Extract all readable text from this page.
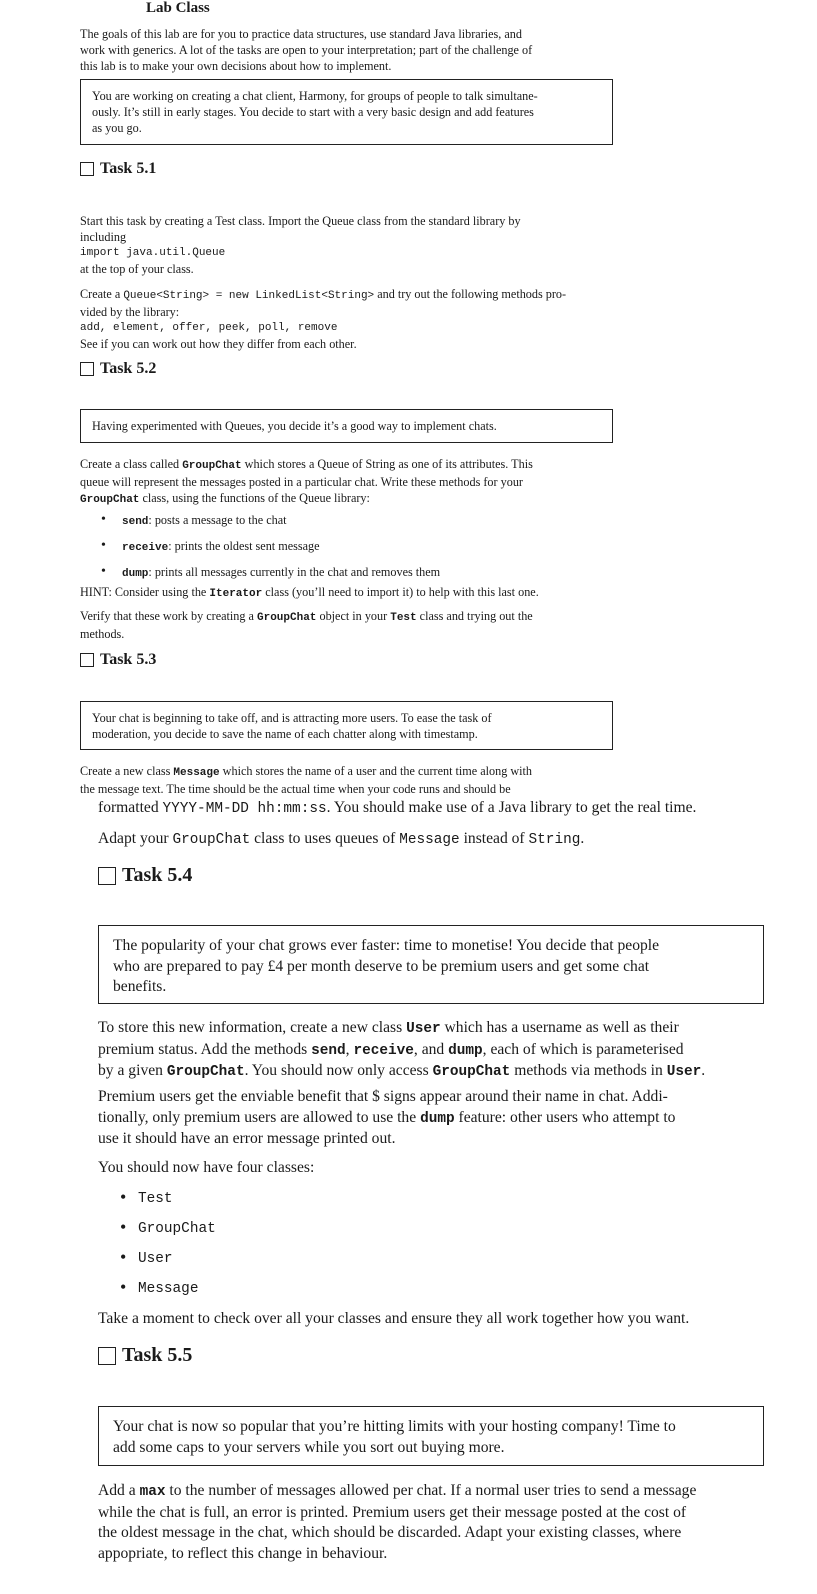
Lab Class

The goals of this lab are for you to practice data structures, use standard Java libraries, and

work with generics. A lot of the tasks are open to your interpretation; part of the challenge of

this lab is to make your own decisions about how to implement.

You are working on creating a chat client, Harmony, for groups of people to talk simultane-

ously. It’s still in early stages. You decide to start with a very basic design and add features

as you go.

Task 5.1

Start this task by creating a Test class. Import the Queue class from the standard library by

including

import java.util.Queue

at the top of your class.

Create a Queue<String> = new LinkedList<String> and try out the following methods pro-

vided by the library:

add, element, offer, peek, poll, remove

See if you can work out how they differ from each other.

Task 5.2

Having experimented with Queues, you decide it’s a good way to implement chats.

Create a class called GroupChat which stores a Queue of String as one of its attributes. This

queue will represent the messages posted in a particular chat. Write these methods for your

GroupChat class, using the functions of the Queue library:

• send: posts a message to the chat
• receive: prints the oldest sent message
• dump: prints all messages currently in the chat and removes them

HINT: Consider using the Iterator class (you’ll need to import it) to help with this last one.

Verify that these work by creating a GroupChat object in your Test class and trying out the

methods.

Task 5.3

Your chat is beginning to take off, and is attracting more users. To ease the task of

moderation, you decide to save the name of each chatter along with timestamp.

Create a new class Message which stores the name of a user and the current time along with

the message text. The time should be the actual time when your code runs and should be

formatted YYYY-MM-DD hh:mm:ss. You should make use of a Java library to get the real time.

Adapt your GroupChat class to uses queues of Message instead of String.

Task 5.4

The popularity of your chat grows ever faster: time to monetise! You decide that people

who are prepared to pay £4 per month deserve to be premium users and get some chat

benefits.

To store this new information, create a new class User which has a username as well as their

premium status. Add the methods send, receive, and dump, each of which is parameterised

by a given GroupChat. You should now only access GroupChat methods via methods in User.

Premium users get the enviable benefit that $ signs appear around their name in chat. Addi-

tionally, only premium users are allowed to use the dump feature: other users who attempt to

use it should have an error message printed out.

You should now have four classes:

• Test
• GroupChat
• User
• Message

Take a moment to check over all your classes and ensure they all work together how you want.

Task 5.5

Your chat is now so popular that you’re hitting limits with your hosting company! Time to

add some caps to your servers while you sort out buying more.

Add a max to the number of messages allowed per chat. If a normal user tries to send a message

while the chat is full, an error is printed. Premium users get their message posted at the cost of

the oldest message in the chat, which should be discarded. Adapt your existing classes, where

appopriate, to reflect this change in behaviour.
